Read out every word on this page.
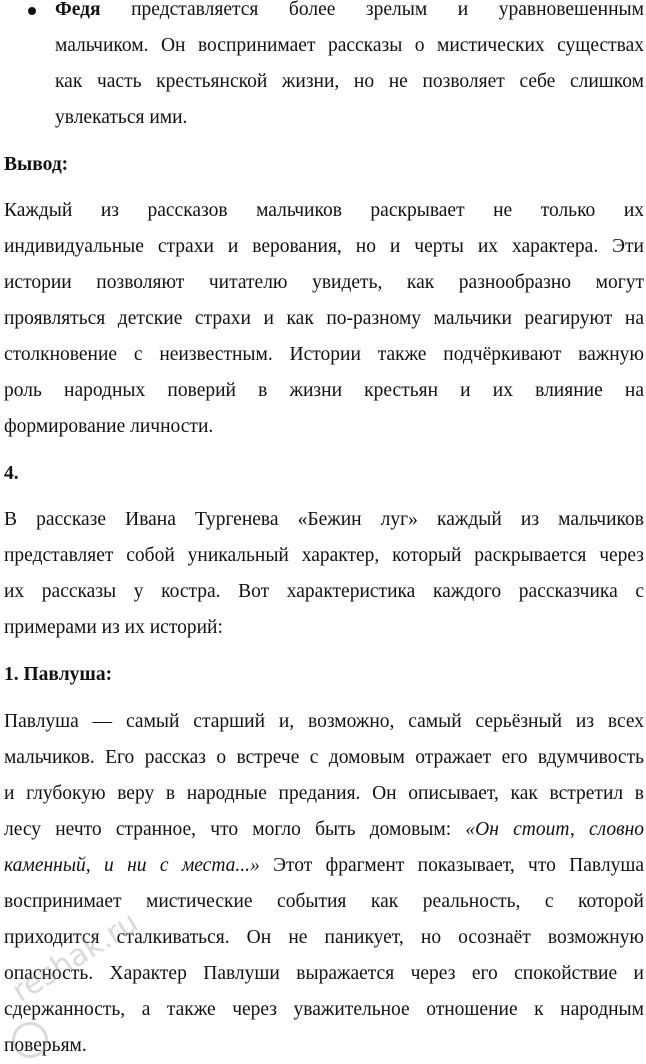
Федя представляется более зрелым и уравновешенным
мальчиком. Он воспринимает рассказы о мистических существах
как часть крестьянской жизни, но не позволяет себе слишком
увлекаться ими.
Вывод:
Каждый из рассказов мальчиков раскрывает не только их
индивидуальные страхи и верования, но и черты их характера. Эти
истории позволяют читателю увидеть, как разнообразно могут
проявляться детские страхи и как по-разному мальчики реагируют на
столкновение с неизвестным. Истории также подчёркивают важную
роль народных поверий в жизни крестьян и их влияние на
формирование личности.
4.
В рассказе Ивана Тургенева «Бежин луг» каждый из мальчиков
представляет собой уникальный характер, который раскрывается через
их рассказы у костра. Вот характеристика каждого рассказчика с
примерами из их историй:
1. Павлуша:
Павлуша — самый старший и, возможно, самый серьёзный из всех
мальчиков. Его рассказ о встрече с домовым отражает его вдумчивость
и глубокую веру в народные предания. Он описывает, как встретил в
лесу нечто странное, что могло быть домовым: «Он стоит, словно
каменный, и ни с места...» Этот фрагмент показывает, что Павлуша
воспринимает мистические события как реальность, с которой
приходится сталкиваться. Он не паникует, но осознаёт возможную
опасность. Характер Павлуши выражается через его спокойствие и
сдержанность, а также через уважительное отношение к народным
поверьям.
reshak.ru
